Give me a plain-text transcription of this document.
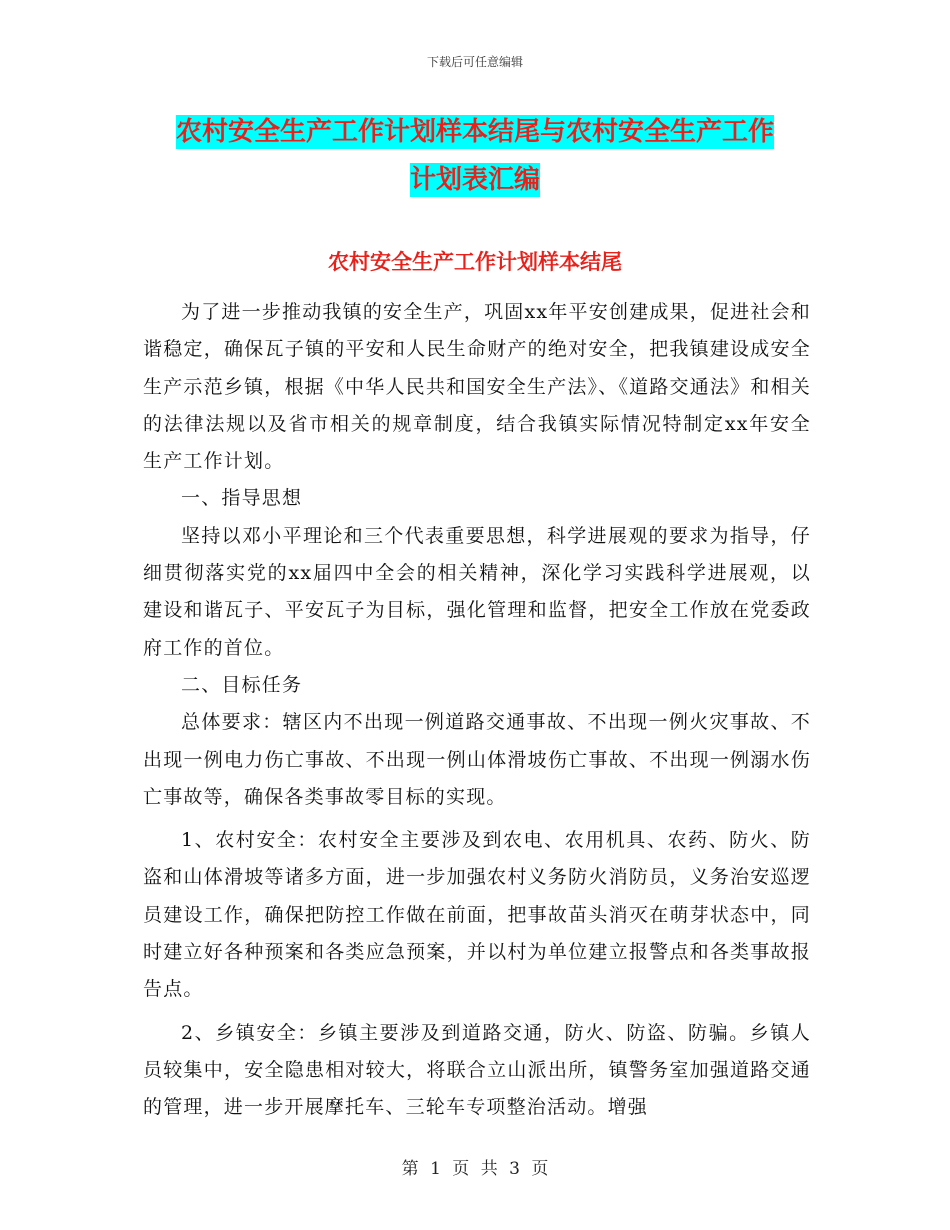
下载后可任意编辑
农村安全生产工作计划样本结尾与农村安全生产工作
计划表汇编
农村安全生产工作计划样本结尾

为了进一步推动我镇的安全生产，巩固xx年平安创建成果，促进社会和谐稳定，确保瓦子镇的平安和人民生命财产的绝对安全，把我镇建设成安全生产示范乡镇，根据《中华人民共和国安全生产法》、《道路交通法》和相关的法律法规以及省市相关的规章制度，结合我镇实际情况特制定xx年安全生产工作计划。

一、指导思想

坚持以邓小平理论和三个代表重要思想，科学进展观的要求为指导，仔细贯彻落实党的xx届四中全会的相关精神，深化学习实践科学进展观，以建设和谐瓦子、平安瓦子为目标，强化管理和监督，把安全工作放在党委政府工作的首位。

二、目标任务

总体要求：辖区内不出现一例道路交通事故、不出现一例火灾事故、不出现一例电力伤亡事故、不出现一例山体滑坡伤亡事故、不出现一例溺水伤亡事故等，确保各类事故零目标的实现。

1、农村安全：农村安全主要涉及到农电、农用机具、农药、防火、防盗和山体滑坡等诸多方面，进一步加强农村义务防火消防员，义务治安巡逻员建设工作，确保把防控工作做在前面，把事故苗头消灭在萌芽状态中，同时建立好各种预案和各类应急预案，并以村为单位建立报警点和各类事故报告点。

2、乡镇安全：乡镇主要涉及到道路交通，防火、防盗、防骗。乡镇人员较集中，安全隐患相对较大，将联合立山派出所，镇警务室加强道路交通的管理，进一步开展摩托车、三轮车专项整治活动。增强

第 1 页 共 3 页
